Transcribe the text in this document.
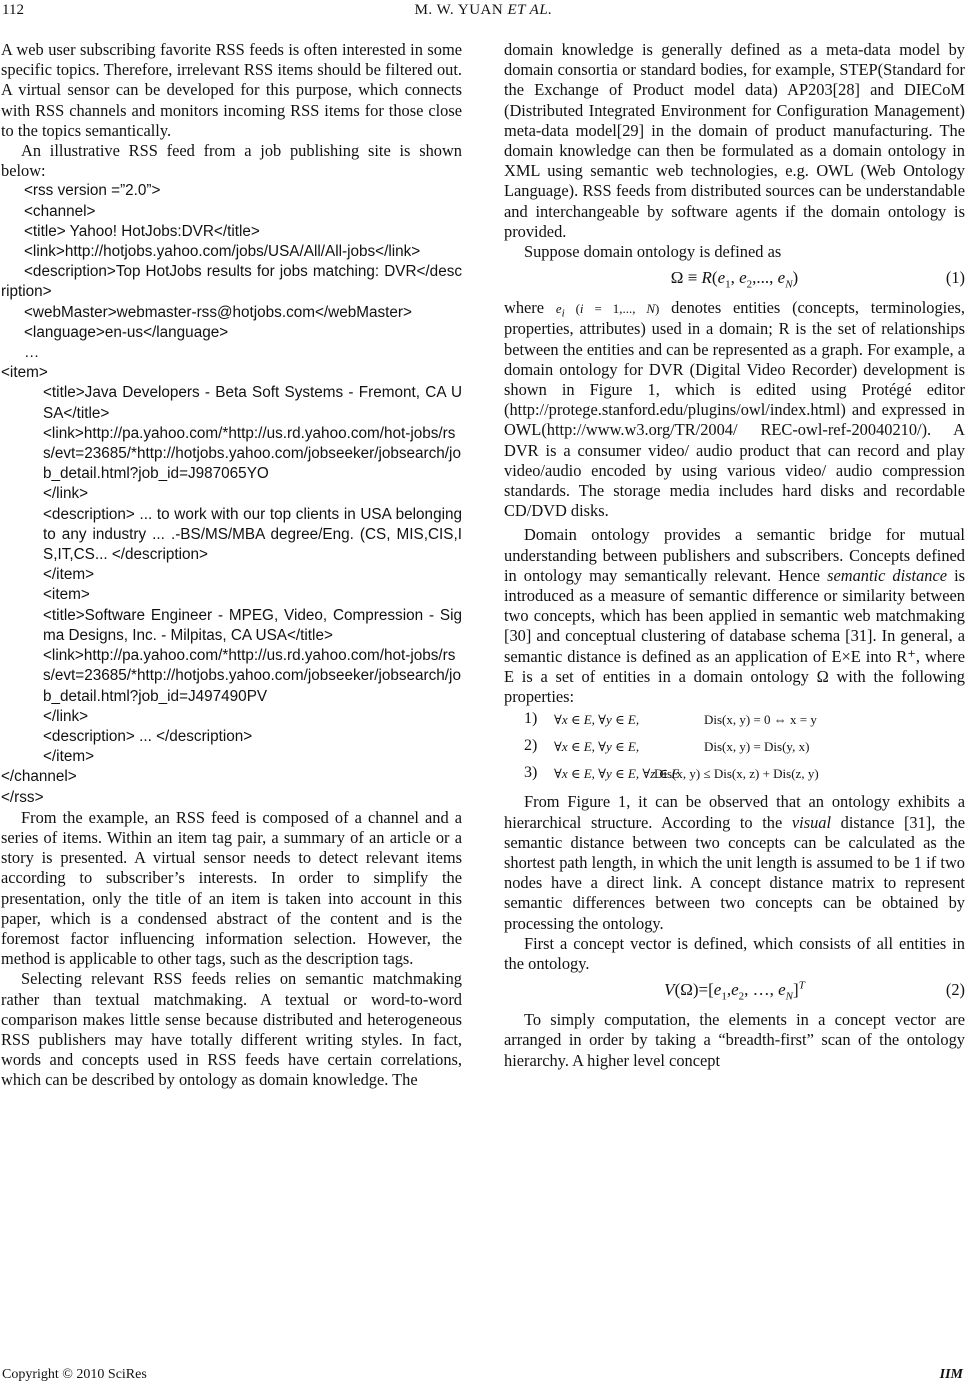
112	M. W. YUAN ET AL.

A web user subscribing favorite RSS feeds is often interested in some specific topics. Therefore, irrelevant RSS items should be filtered out. A virtual sensor can be developed for this purpose, which connects with RSS channels and monitors incoming RSS items for those close to the topics semantically.

An illustrative RSS feed from a job publishing site is shown below:

<rss version =”2.0”>

<channel>

<title> Yahoo! HotJobs:DVR</title>

<link>http://hotjobs.yahoo.com/jobs/USA/All/All-jobs</link>

<description>Top HotJobs results for jobs matching: DVR</description>

<webMaster>webmaster-rss@hotjobs.com</webMaster>

<language>en-us</language>

…

<item>

<title>Java Developers - Beta Soft Systems - Fremont, CA USA</title>

<link>http://pa.yahoo.com/*http://us.rd.yahoo.com/hot-jobs/rss/evt=23685/*http://hotjobs.yahoo.com/jobseeker/jobsearch/job_detail.html?job_id=J987065YO

</link>

<description> ... to work with our top clients in USA belonging to any industry ... .-BS/MS/MBA degree/Eng. (CS, MIS,CIS,IS,IT,CS... </description>

</item>

<item>

<title>Software Engineer - MPEG, Video, Compression - Sigma Designs, Inc. - Milpitas, CA USA</title>

<link>http://pa.yahoo.com/*http://us.rd.yahoo.com/hot-jobs/rss/evt=23685/*http://hotjobs.yahoo.com/jobseeker/jobsearch/job_detail.html?job_id=J497490PV

</link>

<description> ... </description>

</item>

</channel>

</rss>

From the example, an RSS feed is composed of a channel and a series of items. Within an item tag pair, a summary of an article or a story is presented. A virtual sensor needs to detect relevant items according to subscriber’s interests. In order to simplify the presentation, only the title of an item is taken into account in this paper, which is a condensed abstract of the content and is the foremost factor influencing information selection. However, the method is applicable to other tags, such as the description tags.

Selecting relevant RSS feeds relies on semantic matchmaking rather than textual matchmaking. A textual or word-to-word comparison makes little sense because distributed and heterogeneous RSS publishers may have totally different writing styles. In fact, words and concepts used in RSS feeds have certain correlations, which can be described by ontology as domain knowledge. The

domain knowledge is generally defined as a meta-data model by domain consortia or standard bodies, for example, STEP(Standard for the Exchange of Product model data) AP203[28] and DIECoM (Distributed Integrated Environment for Configuration Management) meta-data model[29] in the domain of product manufacturing. The domain knowledge can then be formulated as a domain ontology in XML using semantic web technologies, e.g. OWL (Web Ontology Language). RSS feeds from distributed sources can be understandable and interchangeable by software agents if the domain ontology is provided.

Suppose domain ontology is defined as

$\Omega \equiv R(e_1$, $e_2$,..., $e_N$)	(1)

where $e_i$ (i = 1,..., N) denotes entities (concepts, terminologies, properties, attributes) used in a domain; R is the set of relationships between the entities and can be represented as a graph. For example, a domain ontology for DVR (Digital Video Recorder) development is shown in Figure 1, which is edited using Protégé editor (http://protege.stanford.edu/plugins/owl/index.html) and expressed in OWL(http://www.w3.org/TR/2004/ REC-owl-ref-20040210/). A DVR is a consumer video/ audio product that can record and play video/audio encoded by using various video/ audio compression standards. The storage media includes hard disks and recordable CD/DVD disks.

Domain ontology provides a semantic bridge for mutual understanding between publishers and subscribers. Concepts defined in ontology may semantically relevant. Hence semantic distance is introduced as a measure of semantic difference or similarity between two concepts, which has been applied in semantic web matchmaking [30] and conceptual clustering of database schema [31]. In general, a semantic distance is defined as an application of E×E into R⁺, where E is a set of entities in a domain ontology Ω with the following properties:

1) ∀x ∈ E, ∀y ∈ E,	Dis(x, y) = 0 ⇔ x = y
2) ∀x ∈ E, ∀y ∈ E,	Dis(x, y) = Dis(y, x)
3) ∀x ∈ E, ∀y ∈ E, ∀z ∈ E
Dis(x, y) ≤ Dis(x, z) + Dis(z, y)

From Figure 1, it can be observed that an ontology exhibits a hierarchical structure. According to the visual distance [31], the semantic distance between two concepts can be calculated as the shortest path length, in which the unit length is assumed to be 1 if two nodes have a direct link. A concept distance matrix to represent semantic differences between two concepts can be obtained by processing the ontology.

First a concept vector is defined, which consists of all entities in the ontology.

$V(\Omega)=[e_1,e_2$, …, $e_N]^T$	(2)

To simply computation, the elements in a concept vector are arranged in order by taking a “breadth-first” scan of the ontology hierarchy. A higher level concept

Copyright © 2010 SciRes	IIM
